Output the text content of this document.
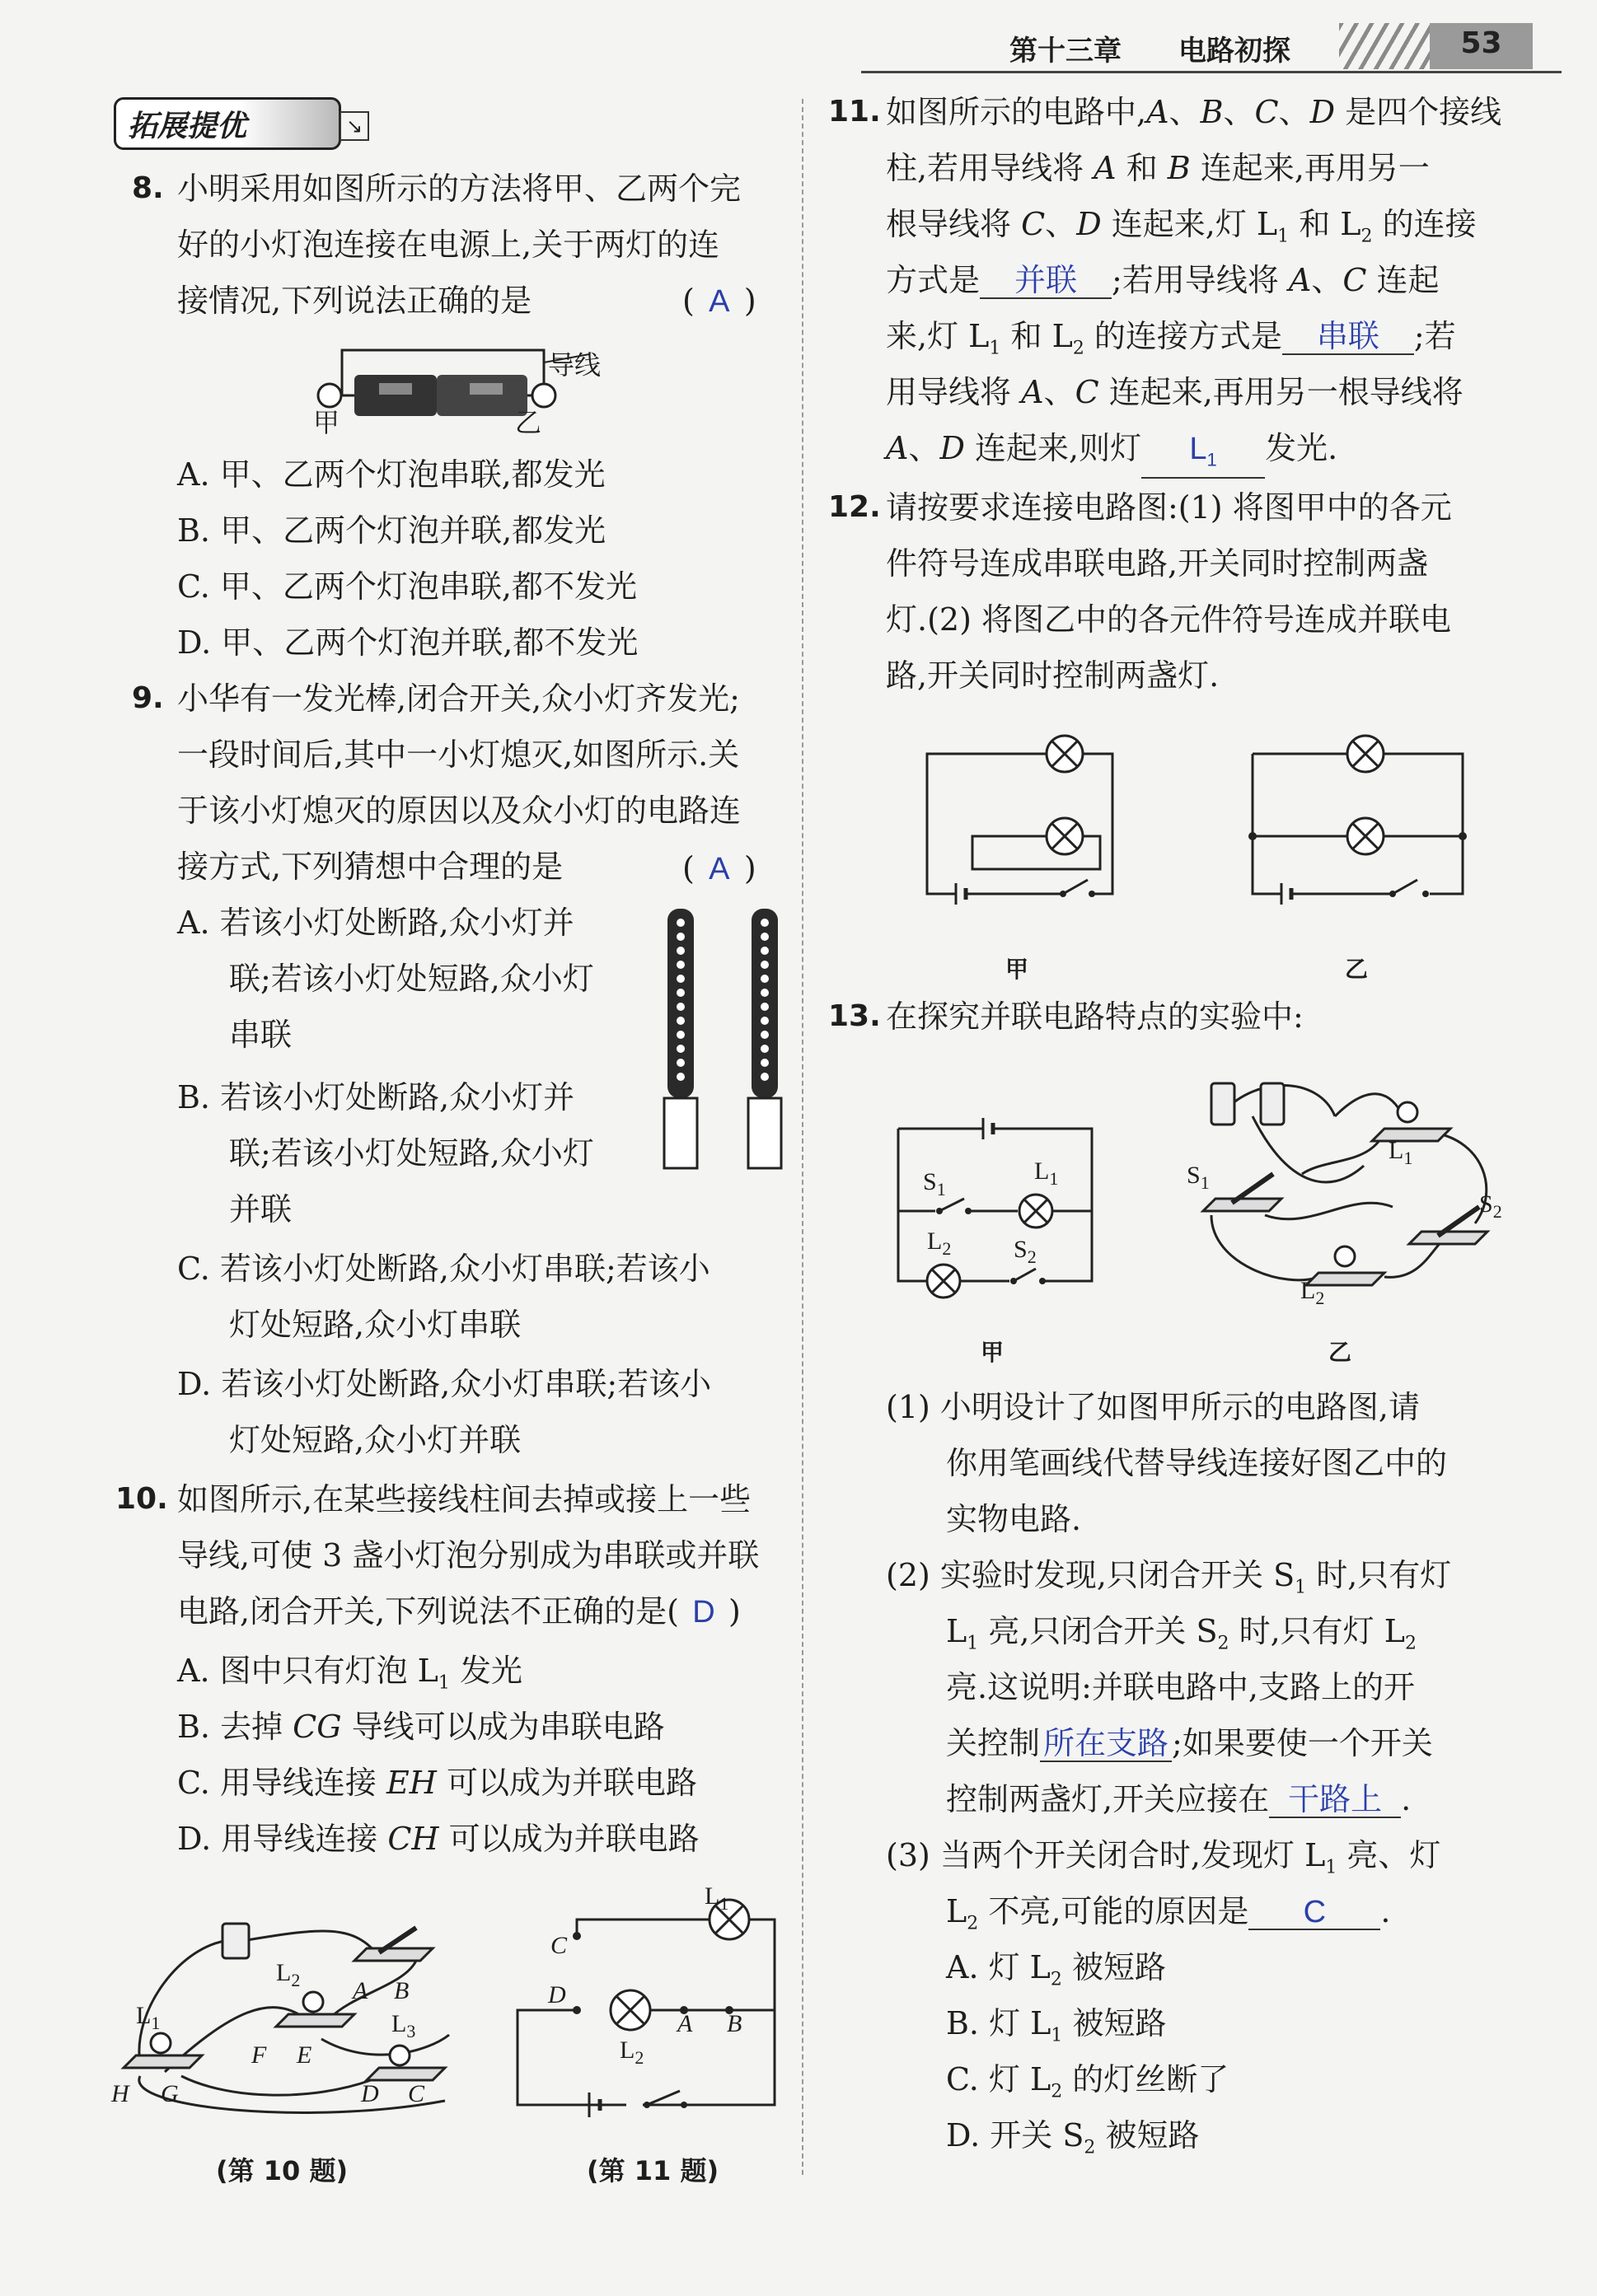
第十三章 电路初探	53
拓展提优	↘
8. 小明采用如图所示的方法将甲、乙两个完
好的小灯泡连接在电源上,关于两灯的连
接情况,下列说法正确的是	( A )
导线
甲	乙
A. 甲、乙两个灯泡串联,都发光
B. 甲、乙两个灯泡并联,都发光
C. 甲、乙两个灯泡串联,都不发光
D. 甲、乙两个灯泡并联,都不发光
9. 小华有一发光棒,闭合开关,众小灯齐发光;
一段时间后,其中一小灯熄灭,如图所示.关
于该小灯熄灭的原因以及众小灯的电路连
接方式,下列猜想中合理的是	( A )
A. 若该小灯处断路,众小灯并
联;若该小灯处短路,众小灯
串联
B. 若该小灯处断路,众小灯并
联;若该小灯处短路,众小灯
并联
C. 若该小灯处断路,众小灯串联;若该小
灯处短路,众小灯串联
D. 若该小灯处断路,众小灯串联;若该小
灯处短路,众小灯并联
10. 如图所示,在某些接线柱间去掉或接上一些
导线,可使 3 盏小灯泡分别成为串联或并联
电路,闭合开关,下列说法不正确的是( D )
A. 图中只有灯泡 $L_1$ 发光
B. 去掉 CG 导线可以成为串联电路
C. 用导线连接 EH 可以成为并联电路
D. 用导线连接 CH 可以成为并联电路
$L_1$
$L_2$
$L_3$
A B
F E
H G	D C
(第 10 题)
$L_1$
$L_2$
C
D
A B
(第 11 题)
11. 如图所示的电路中,A、B、C、D 是四个接线
柱,若用导线将 A 和 B 连起来,再用另一
根导线将 C、D 连起来,灯 $L_1$ 和 $L_2$ 的连接
方式是 并联 ;若用导线将 A、C 连起
来,灯 $L_1$ 和 $L_2$ 的连接方式是 串联 ;若
用导线将 A、C 连起来,再用另一根导线将
A、D 连起来,则灯 $L_1$ 发光.
12. 请按要求连接电路图:(1) 将图甲中的各元
件符号连成串联电路,开关同时控制两盏
灯.(2) 将图乙中的各元件符号连成并联电
路,开关同时控制两盏灯.
甲	乙
13. 在探究并联电路特点的实验中:
$S_1$
$L_1$
$L_2$	$S_2$
甲
$L_1$
$S_1$
$S_2$
$L_2$
乙
(1) 小明设计了如图甲所示的电路图,请
你用笔画线代替导线连接好图乙中的
实物电路.
(2) 实验时发现,只闭合开关 $S_1$ 时,只有灯
$L_1$ 亮,只闭合开关 $S_2$ 时,只有灯 $L_2$
亮.这说明:并联电路中,支路上的开
关控制 所在支路 ;如果要使一个开关
控制两盏灯,开关应接在 干路上 .
(3) 当两个开关闭合时,发现灯 $L_1$ 亮、灯
$L_2$ 不亮,可能的原因是 C .
A. 灯 $L_2$ 被短路
B. 灯 $L_1$ 被短路
C. 灯 $L_2$ 的灯丝断了
D. 开关 $S_2$ 被短路
